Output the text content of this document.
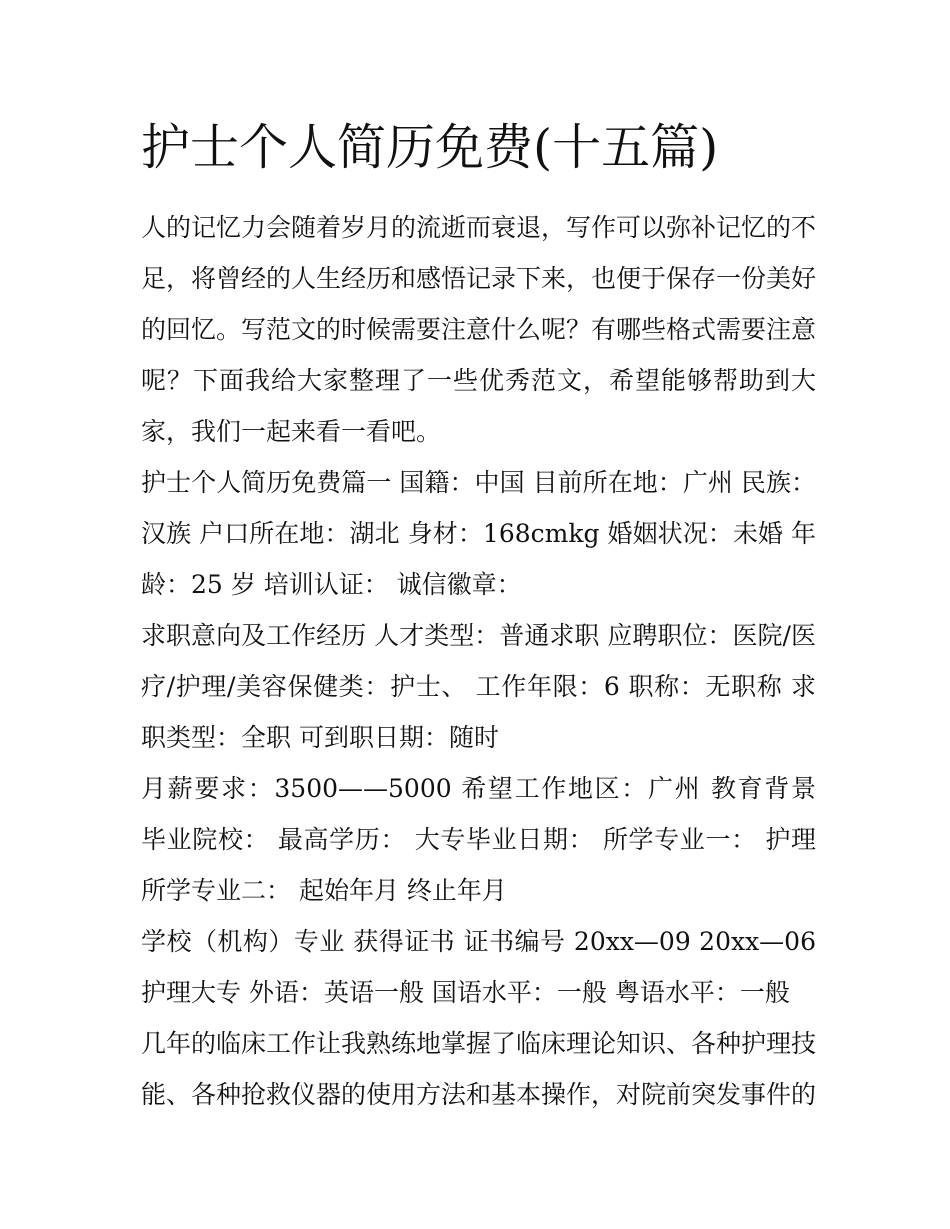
护士个人简历免费(十五篇)

人的记忆力会随着岁月的流逝而衰退，写作可以弥补记忆的不足，将曾经的人生经历和感悟记录下来，也便于保存一份美好的回忆。写范文的时候需要注意什么呢？有哪些格式需要注意呢？下面我给大家整理了一些优秀范文，希望能够帮助到大家，我们一起来看一看吧。

护士个人简历免费篇一 国籍：中国 目前所在地：广州 民族：汉族 户口所在地：湖北 身材：168cmkg 婚姻状况：未婚 年龄：25 岁 培训认证： 诚信徽章：

求职意向及工作经历 人才类型：普通求职 应聘职位：医院/医疗/护理/美容保健类：护士、 工作年限：6 职称：无职称 求职类型：全职 可到职日期：随时

月薪要求：3500——5000 希望工作地区：广州 教育背景 毕业院校： 最高学历： 大专毕业日期： 所学专业一： 护理所学专业二： 起始年月 终止年月

学校（机构）专业 获得证书 证书编号 20xx—09 20xx—06 护理大专 外语：英语一般 国语水平：一般 粤语水平：一般

几年的临床工作让我熟练地掌握了临床理论知识、各种护理技能、各种抢救仪器的使用方法和基本操作，对院前突发事件的
